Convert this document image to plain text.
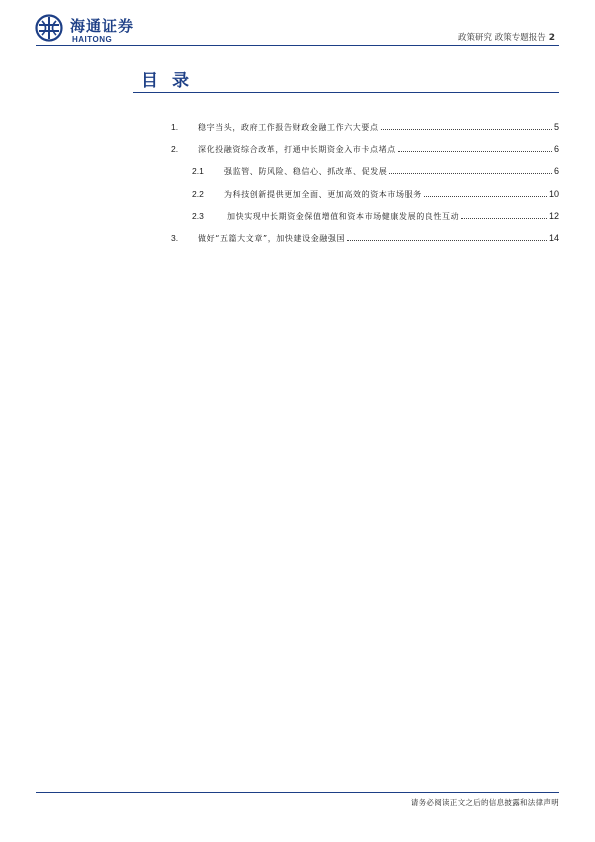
海通证券
HAITONG	政策研究 政策专题报告 2
目录
1.	稳字当头，政府工作报告财政金融工作六大要点	5
2.	深化投融资综合改革，打通中长期资金入市卡点堵点	6
2.1	强监管、防风险、稳信心、抓改革、促发展	6
2.2	为科技创新提供更加全面、更加高效的资本市场服务	10
2.3	加快实现中长期资金保值增值和资本市场健康发展的良性互动	12
3.	做好“五篇大文章”，加快建设金融强国	14
请务必阅读正文之后的信息披露和法律声明
